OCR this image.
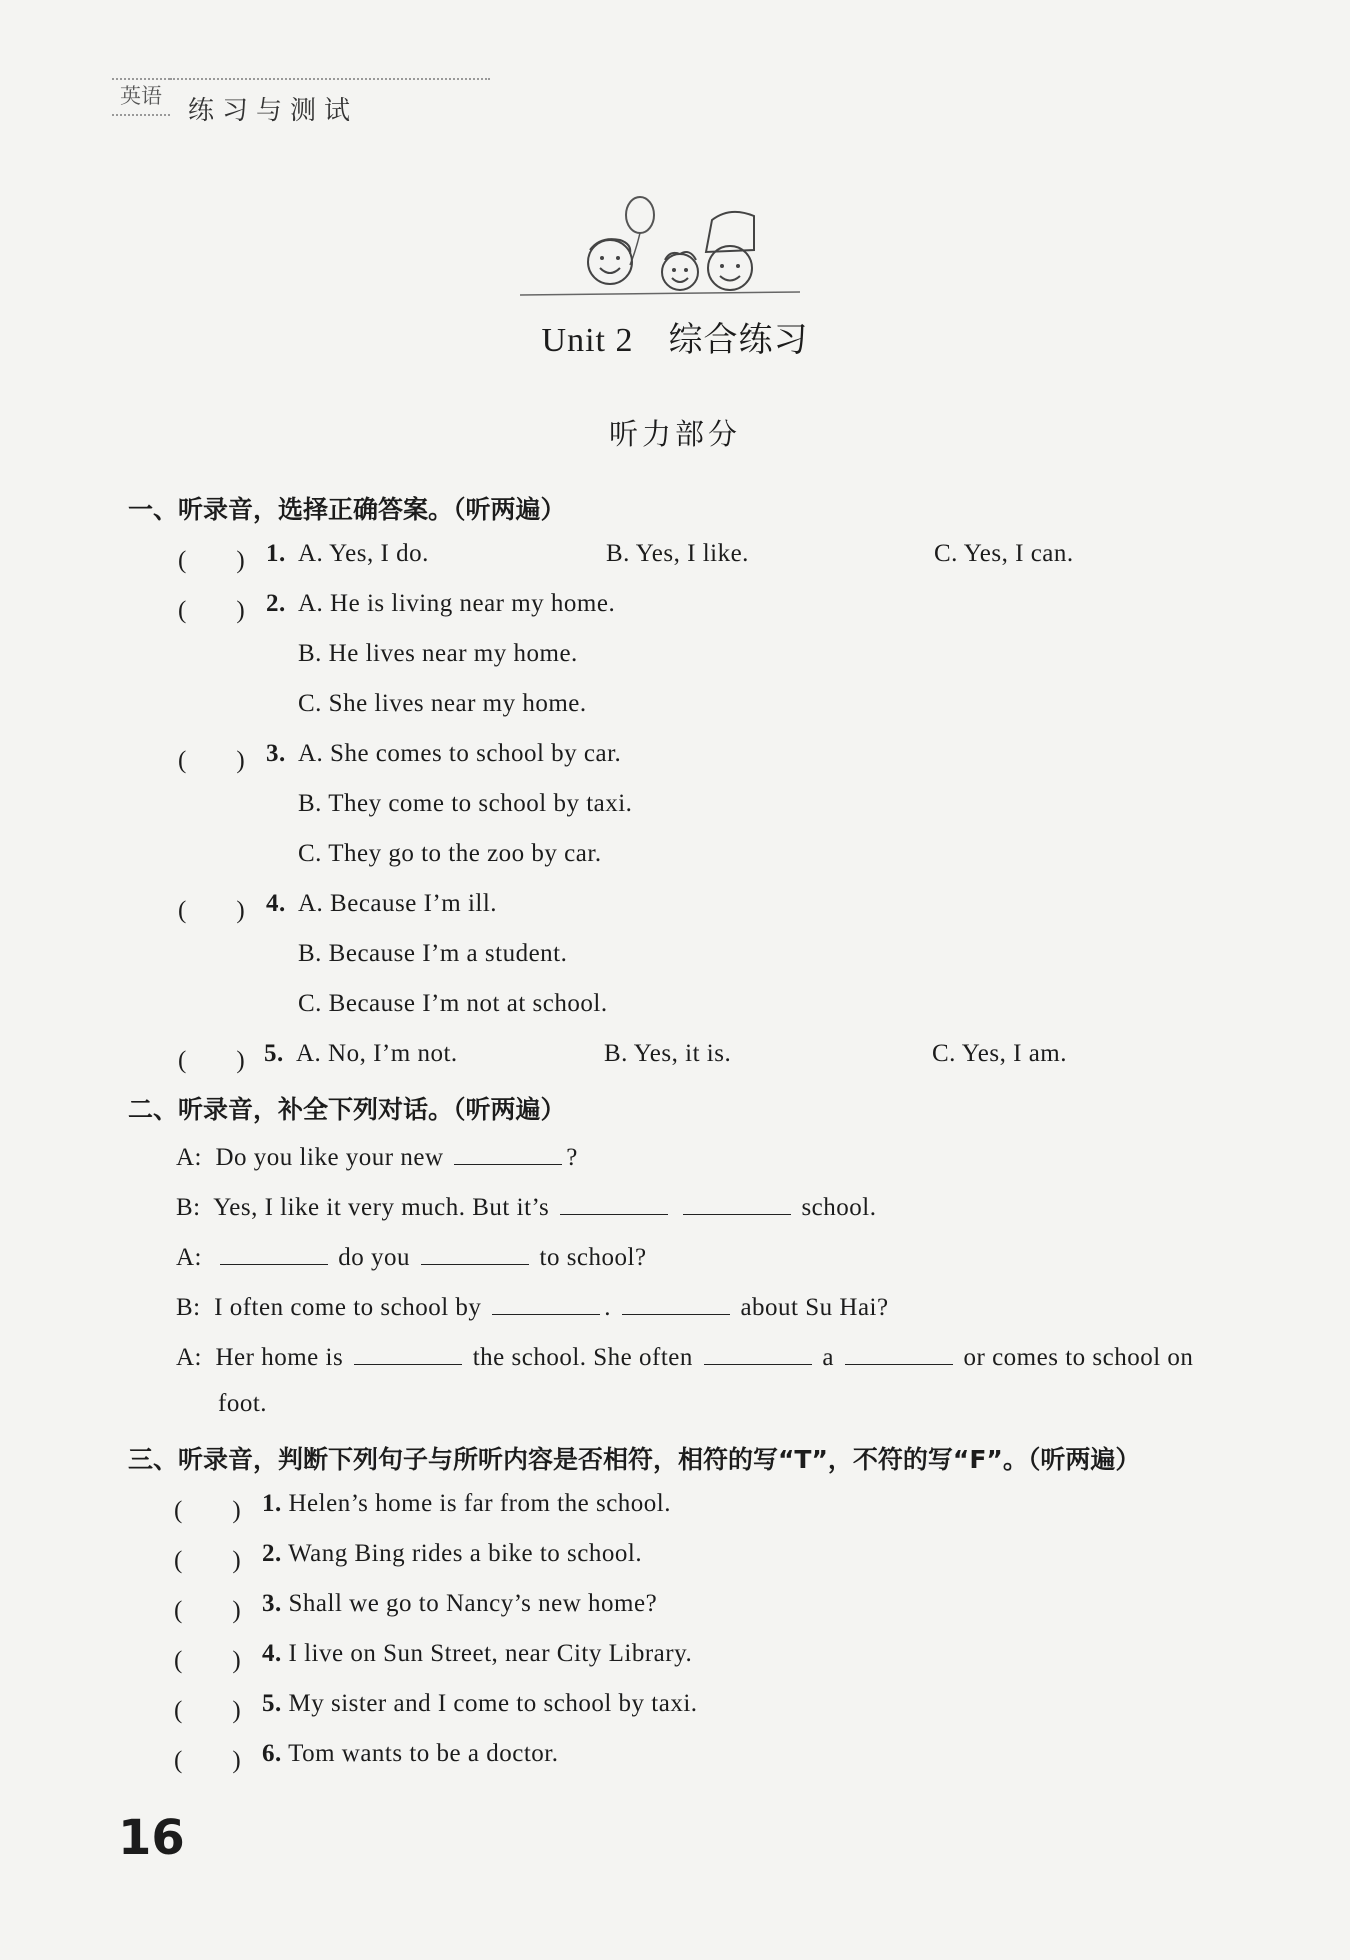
英语	练习与测试
Unit 2　综合练习
听力部分
一、听录音，选择正确答案。（听两遍）
(　　) 1. A. Yes, I do.	B. Yes, I like.	C. Yes, I can.
(　　) 2. A. He is living near my home.
B. He lives near my home.
C. She lives near my home.
(　　) 3. A. She comes to school by car.
B. They come to school by taxi.
C. They go to the zoo by car.
(　　) 4. A. Because I’m ill.
B. Because I’m a student.
C. Because I’m not at school.
(　　) 5. A. No, I’m not.	B. Yes, it is.	C. Yes, I am.
二、听录音，补全下列对话。（听两遍）
A: Do you like your new	?
B: Yes, I like it very much. But it’s	school.
A:	do you	to school?
B: I often come to school by	.	about Su Hai?
A: Her home is	the school. She often	a	or comes to school on
foot.
三、听录音，判断下列句子与所听内容是否相符，相符的写“T”，不符的写“F”。（听两遍）
(　　) 1. Helen’s home is far from the school.
(　　) 2. Wang Bing rides a bike to school.
(　　) 3. Shall we go to Nancy’s new home?
(　　) 4. I live on Sun Street, near City Library.
(　　) 5. My sister and I come to school by taxi.
(　　) 6. Tom wants to be a doctor.
16
